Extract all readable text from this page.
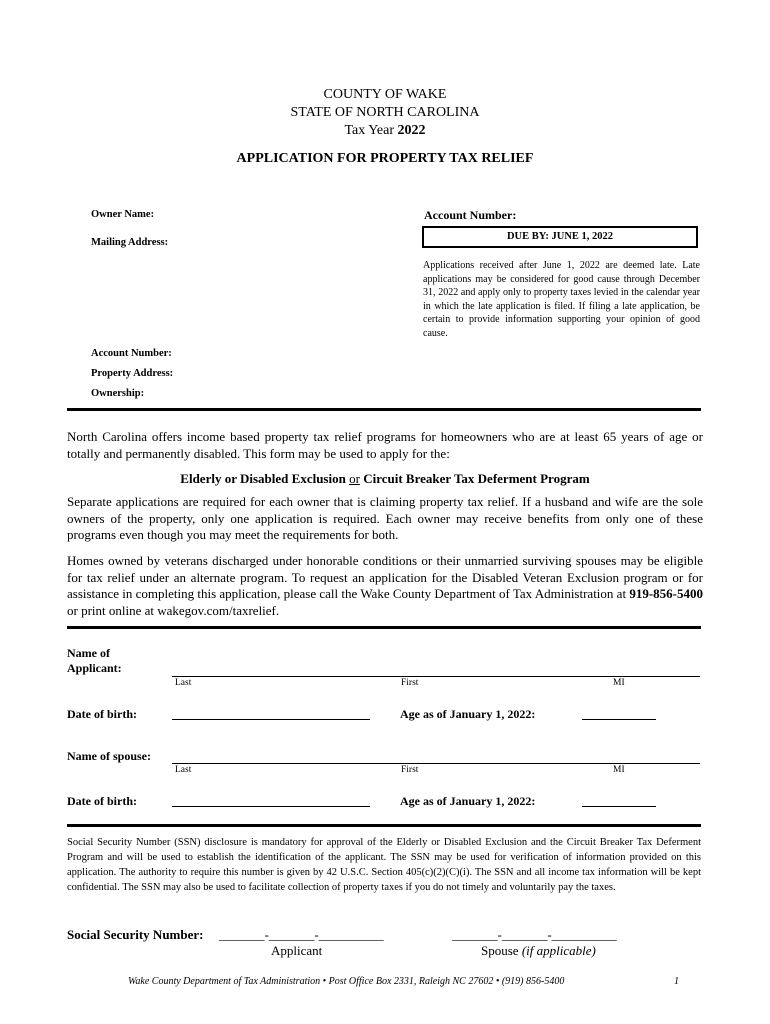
COUNTY OF WAKE
STATE OF NORTH CAROLINA
Tax Year 2022
APPLICATION FOR PROPERTY TAX RELIEF
Owner Name:
Mailing Address:
Account Number:
DUE BY: JUNE 1, 2022
Applications received after June 1, 2022 are deemed late. Late applications may be considered for good cause through December 31, 2022 and apply only to property taxes levied in the calendar year in which the late application is filed. If filing a late application, be certain to provide information supporting your opinion of good cause.
Account Number:
Property Address:
Ownership:
North Carolina offers income based property tax relief programs for homeowners who are at least 65 years of age or totally and permanently disabled. This form may be used to apply for the:
Elderly or Disabled Exclusion or Circuit Breaker Tax Deferment Program
Separate applications are required for each owner that is claiming property tax relief. If a husband and wife are the sole owners of the property, only one application is required. Each owner may receive benefits from only one of these programs even though you may meet the requirements for both.
Homes owned by veterans discharged under honorable conditions or their unmarried surviving spouses may be eligible for tax relief under an alternate program. To request an application for the Disabled Veteran Exclusion program or for assistance in completing this application, please call the Wake County Department of Tax Administration at 919-856-5400 or print online at wakegov.com/taxrelief.
Name of
Applicant:
Last	First	MI
Date of birth:	Age as of January 1, 2022:
Name of spouse:
Last	First	MI
Date of birth:	Age as of January 1, 2022:
Social Security Number (SSN) disclosure is mandatory for approval of the Elderly or Disabled Exclusion and the Circuit Breaker Tax Deferment Program and will be used to establish the identification of the applicant. The SSN may be used for verification of information provided on this application. The authority to require this number is given by 42 U.S.C. Section 405(c)(2)(C)(i). The SSN and all income tax information will be kept confidential. The SSN may also be used to facilitate collection of property taxes if you do not timely and voluntarily pay the taxes.
Social Security Number: _______-_______-__________	_______-_______-__________
Applicant	Spouse (if applicable)
Wake County Department of Tax Administration • Post Office Box 2331, Raleigh NC 27602 • (919) 856-5400	1
